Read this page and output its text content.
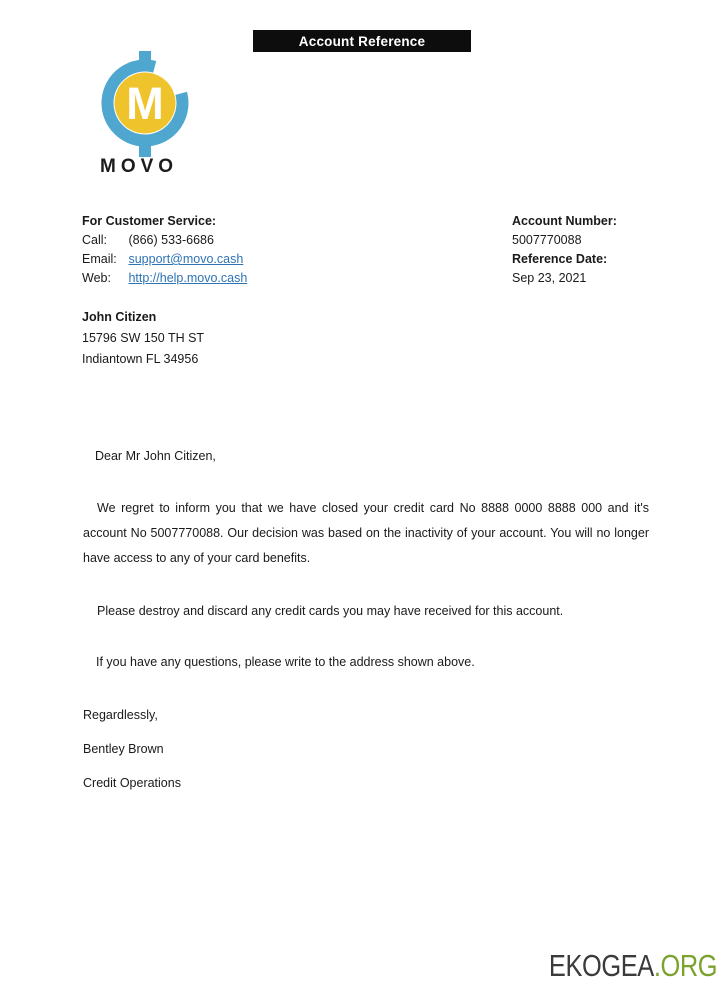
Account Reference
M
MOVO
For Customer Service:
Call: (866) 533-6686
Email: support@movo.cash
Web: http://help.movo.cash
Account Number:
5007770088
Reference Date:
Sep 23, 2021
John Citizen
15796 SW 150 TH ST
Indiantown FL 34956
Dear Mr John Citizen,
We regret to inform you that we have closed your credit card No 8888 0000 8888 000 and it's account No 5007770088. Our decision was based on the inactivity of your account. You will no longer have access to any of your card benefits.
Please destroy and discard any credit cards you may have received for this account.
If you have any questions, please write to the address shown above.
Regardlessly,
Bentley Brown
Credit Operations
EKOGEA.ORG
